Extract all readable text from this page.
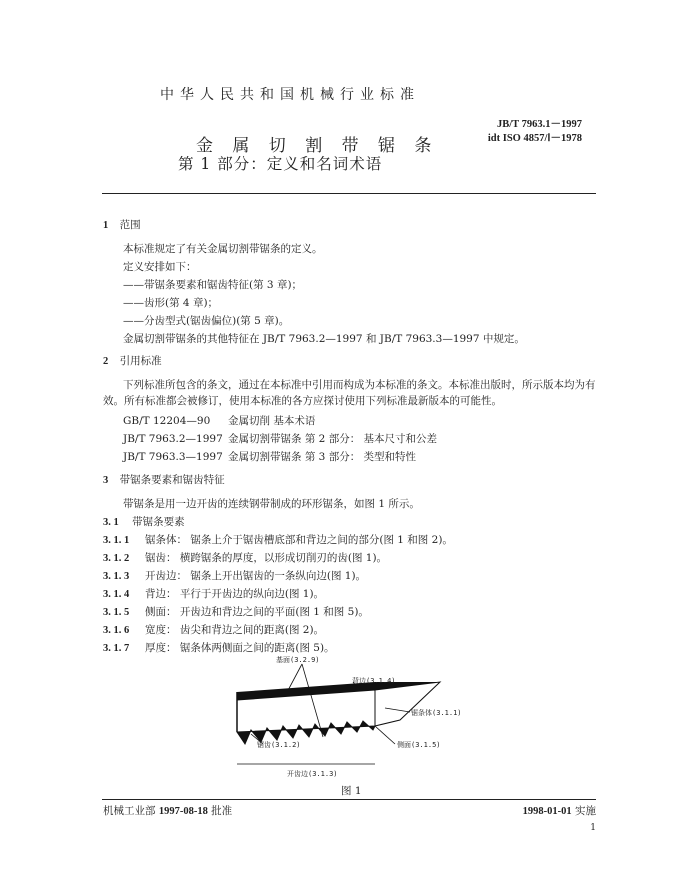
中华人民共和国机械行业标准
JB/T 7963.1－1997
idt ISO 4857/Ⅰ－1978
金 属 切 割 带 锯 条
第 1 部分：定义和名词术语
1 范围
本标准规定了有关金属切割带锯条的定义。
定义安排如下：
——带锯条要素和锯齿特征(第 3 章)；
——齿形(第 4 章)；
——分齿型式(锯齿偏位)(第 5 章)。
金属切割带锯条的其他特征在 JB/T 7963.2—1997 和 JB/T 7963.3—1997 中规定。
2 引用标准
下列标准所包含的条文，通过在本标准中引用而构成为本标准的条文。本标准出版时，所示版本均为有效。所有标准都会被修订，使用本标准的各方应探讨使用下列标准最新版本的可能性。
GB/T 12204—90 金属切削 基本术语
JB/T 7963.2—1997 金属切割带锯条 第 2 部分： 基本尺寸和公差
JB/T 7963.3—1997 金属切割带锯条 第 3 部分： 类型和特性
3 带锯条要素和锯齿特征
带锯条是用一边开齿的连续钢带制成的环形锯条，如图 1 所示。
3. 1 带锯条要素
3. 1. 1 锯条体： 锯条上介于锯齿槽底部和背边之间的部分(图 1 和图 2)。
3. 1. 2 锯齿： 横跨锯条的厚度，以形成切削刃的齿(图 1)。
3. 1. 3 开齿边： 锯条上开出锯齿的一条纵向边(图 1)。
3. 1. 4 背边： 平行于开齿边的纵向边(图 1)。
3. 1. 5 侧面： 开齿边和背边之间的平面(图 1 和图 5)。
3. 1. 6 宽度： 齿尖和背边之间的距离(图 2)。
3. 1. 7 厚度： 锯条体两侧面之间的距离(图 5)。
基面(3.2.9)
背边(3.1.4)
锯条体(3.1.1)
锯齿(3.1.2)	侧面(3.1.5)
开齿边(3.1.3)
图 1
机械工业部 1997-08-18 批准	1998-01-01 实施
1
